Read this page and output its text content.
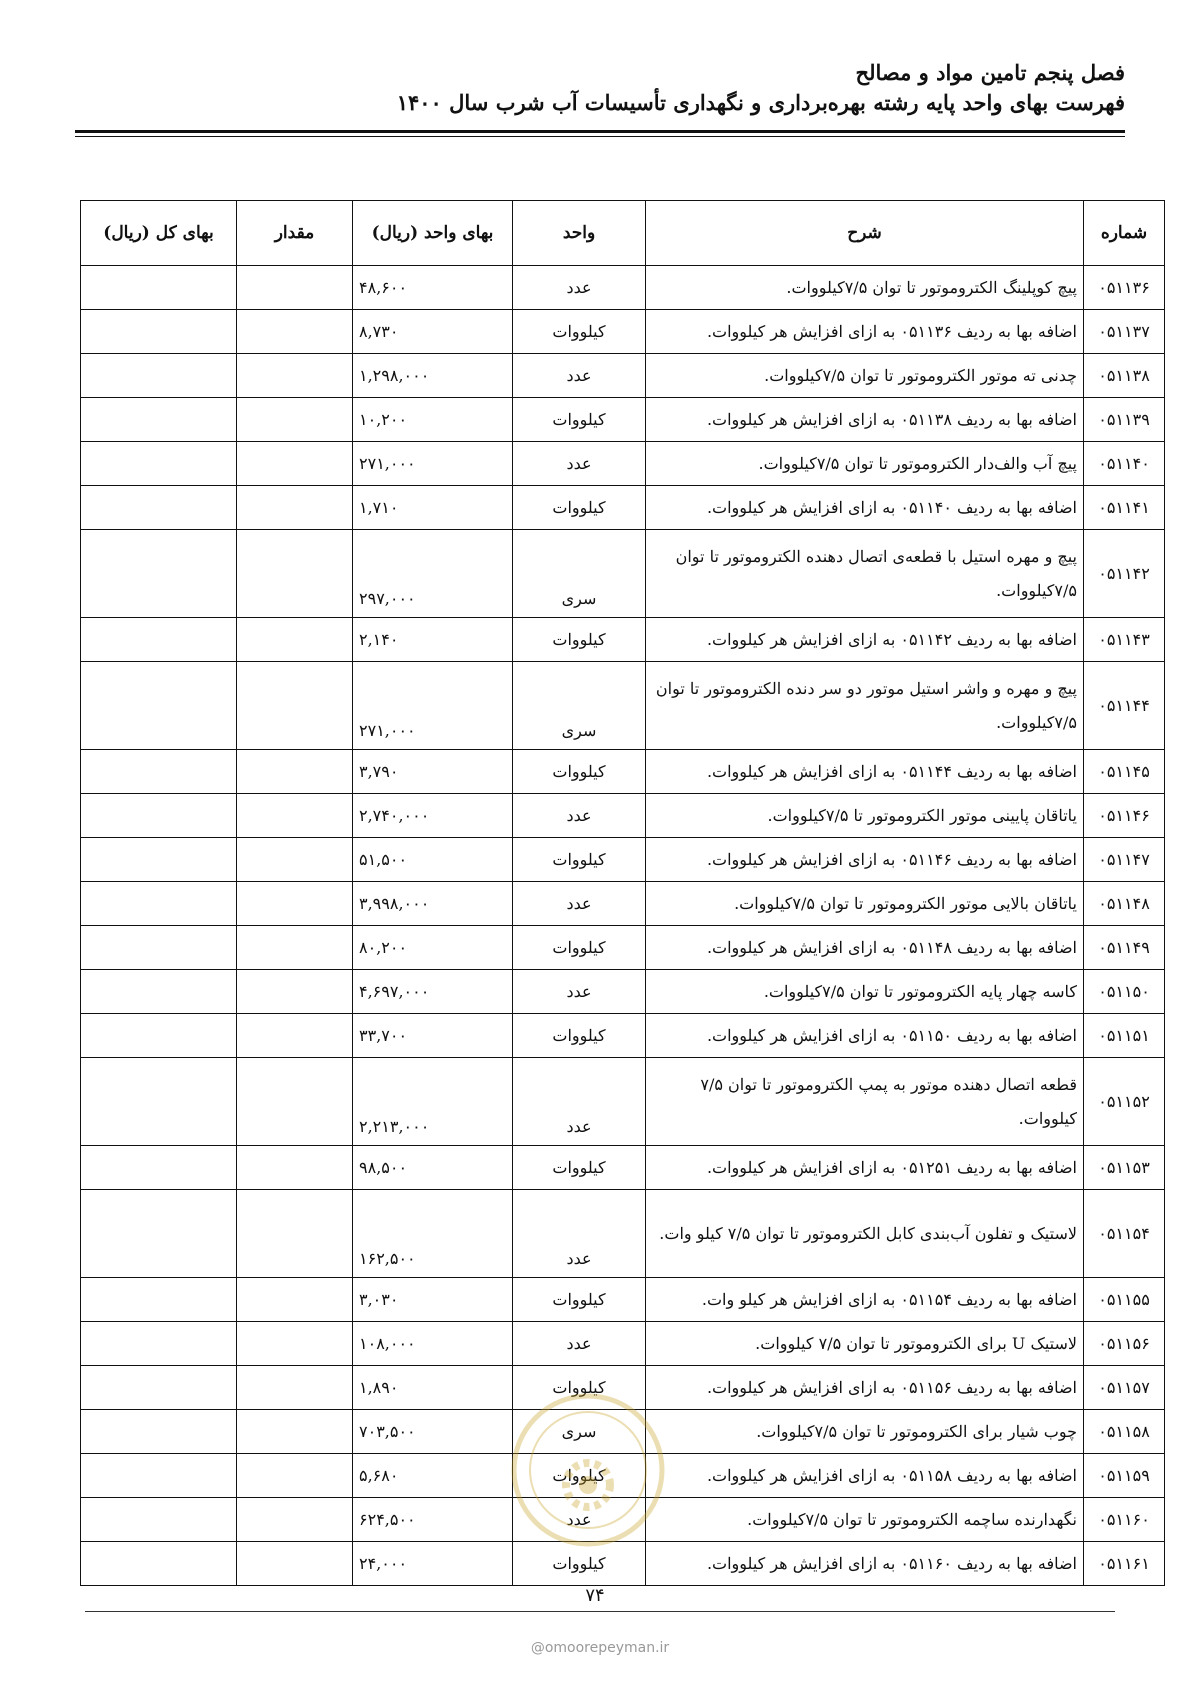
فصل پنجم تامین مواد و مصالح
فهرست بهای واحد پایه رشته بهره‌برداری و نگهداری تأسیسات آب شرب سال ۱۴۰۰
شماره	شرح	واحد	بهای واحد (ریال)	مقدار	بهای کل (ریال)
۰۵۱۱۳۶	پیچ کوپلینگ الکتروموتور تا توان ۷/۵کیلووات.	عدد	۴۸,۶۰۰		
۰۵۱۱۳۷	اضافه بها به ردیف ۰۵۱۱۳۶ به ازای افزایش هر کیلووات.	کیلووات	۸,۷۳۰		
۰۵۱۱۳۸	چدنی ته موتور الکتروموتور تا توان ۷/۵کیلووات.	عدد	۱,۲۹۸,۰۰۰		
۰۵۱۱۳۹	اضافه بها به ردیف ۰۵۱۱۳۸ به ازای افزایش هر کیلووات.	کیلووات	۱۰,۲۰۰		
۰۵۱۱۴۰	پیچ آب والف‌دار الکتروموتور تا توان ۷/۵کیلووات.	عدد	۲۷۱,۰۰۰		
۰۵۱۱۴۱	اضافه بها به ردیف ۰۵۱۱۴۰ به ازای افزایش هر کیلووات.	کیلووات	۱,۷۱۰		
۰۵۱۱۴۲	پیچ و مهره استیل با قطعه‌ی اتصال دهنده الکتروموتور تا توان ۷/۵کیلووات.	سری	۲۹۷,۰۰۰		
۰۵۱۱۴۳	اضافه بها به ردیف ۰۵۱۱۴۲ به ازای افزایش هر کیلووات.	کیلووات	۲,۱۴۰		
۰۵۱۱۴۴	پیچ و مهره و واشر استیل موتور دو سر دنده الکتروموتور تا توان ۷/۵کیلووات.	سری	۲۷۱,۰۰۰		
۰۵۱۱۴۵	اضافه بها به ردیف ۰۵۱۱۴۴ به ازای افزایش هر کیلووات.	کیلووات	۳,۷۹۰		
۰۵۱۱۴۶	یاتاقان پایینی موتور الکتروموتور تا ۷/۵کیلووات.	عدد	۲,۷۴۰,۰۰۰		
۰۵۱۱۴۷	اضافه بها به ردیف ۰۵۱۱۴۶ به ازای افزایش هر کیلووات.	کیلووات	۵۱,۵۰۰		
۰۵۱۱۴۸	یاتاقان بالایی موتور الکتروموتور تا توان ۷/۵کیلووات.	عدد	۳,۹۹۸,۰۰۰		
۰۵۱۱۴۹	اضافه بها به ردیف ۰۵۱۱۴۸ به ازای افزایش هر کیلووات.	کیلووات	۸۰,۲۰۰		
۰۵۱۱۵۰	کاسه چهار پایه الکتروموتور تا توان ۷/۵کیلووات.	عدد	۴,۶۹۷,۰۰۰		
۰۵۱۱۵۱	اضافه بها به ردیف ۰۵۱۱۵۰ به ازای افزایش هر کیلووات.	کیلووات	۳۳,۷۰۰		
۰۵۱۱۵۲	قطعه اتصال دهنده موتور به پمپ الکتروموتور تا توان ۷/۵ کیلووات.	عدد	۲,۲۱۳,۰۰۰		
۰۵۱۱۵۳	اضافه بها به ردیف ۰۵۱۲۵۱ به ازای افزایش هر کیلووات.	کیلووات	۹۸,۵۰۰		
۰۵۱۱۵۴	لاستیک و تفلون آب‌بندی کابل الکتروموتور تا توان ۷/۵ کیلو وات.	عدد	۱۶۲,۵۰۰		
۰۵۱۱۵۵	اضافه بها به ردیف ۰۵۱۱۵۴ به ازای افزایش هر کیلو وات.	کیلووات	۳,۰۳۰		
۰۵۱۱۵۶	لاستیک U برای الکتروموتور تا توان ۷/۵ کیلووات.	عدد	۱۰۸,۰۰۰		
۰۵۱۱۵۷	اضافه بها به ردیف ۰۵۱۱۵۶ به ازای افزایش هر کیلووات.	کیلووات	۱,۸۹۰		
۰۵۱۱۵۸	چوب شیار برای الکتروموتور تا توان ۷/۵کیلووات.	سری	۷۰۳,۵۰۰		
۰۵۱۱۵۹	اضافه بها به ردیف ۰۵۱۱۵۸ به ازای افزایش هر کیلووات.	کیلووات	۵,۶۸۰		
۰۵۱۱۶۰	نگهدارنده ساچمه الکتروموتور تا توان ۷/۵کیلووات.	عدد	۶۲۴,۵۰۰		
۰۵۱۱۶۱	اضافه بها به ردیف ۰۵۱۱۶۰ به ازای افزایش هر کیلووات.	کیلووات	۲۴,۰۰۰		
۷۴
@omoorepeyman.ir
